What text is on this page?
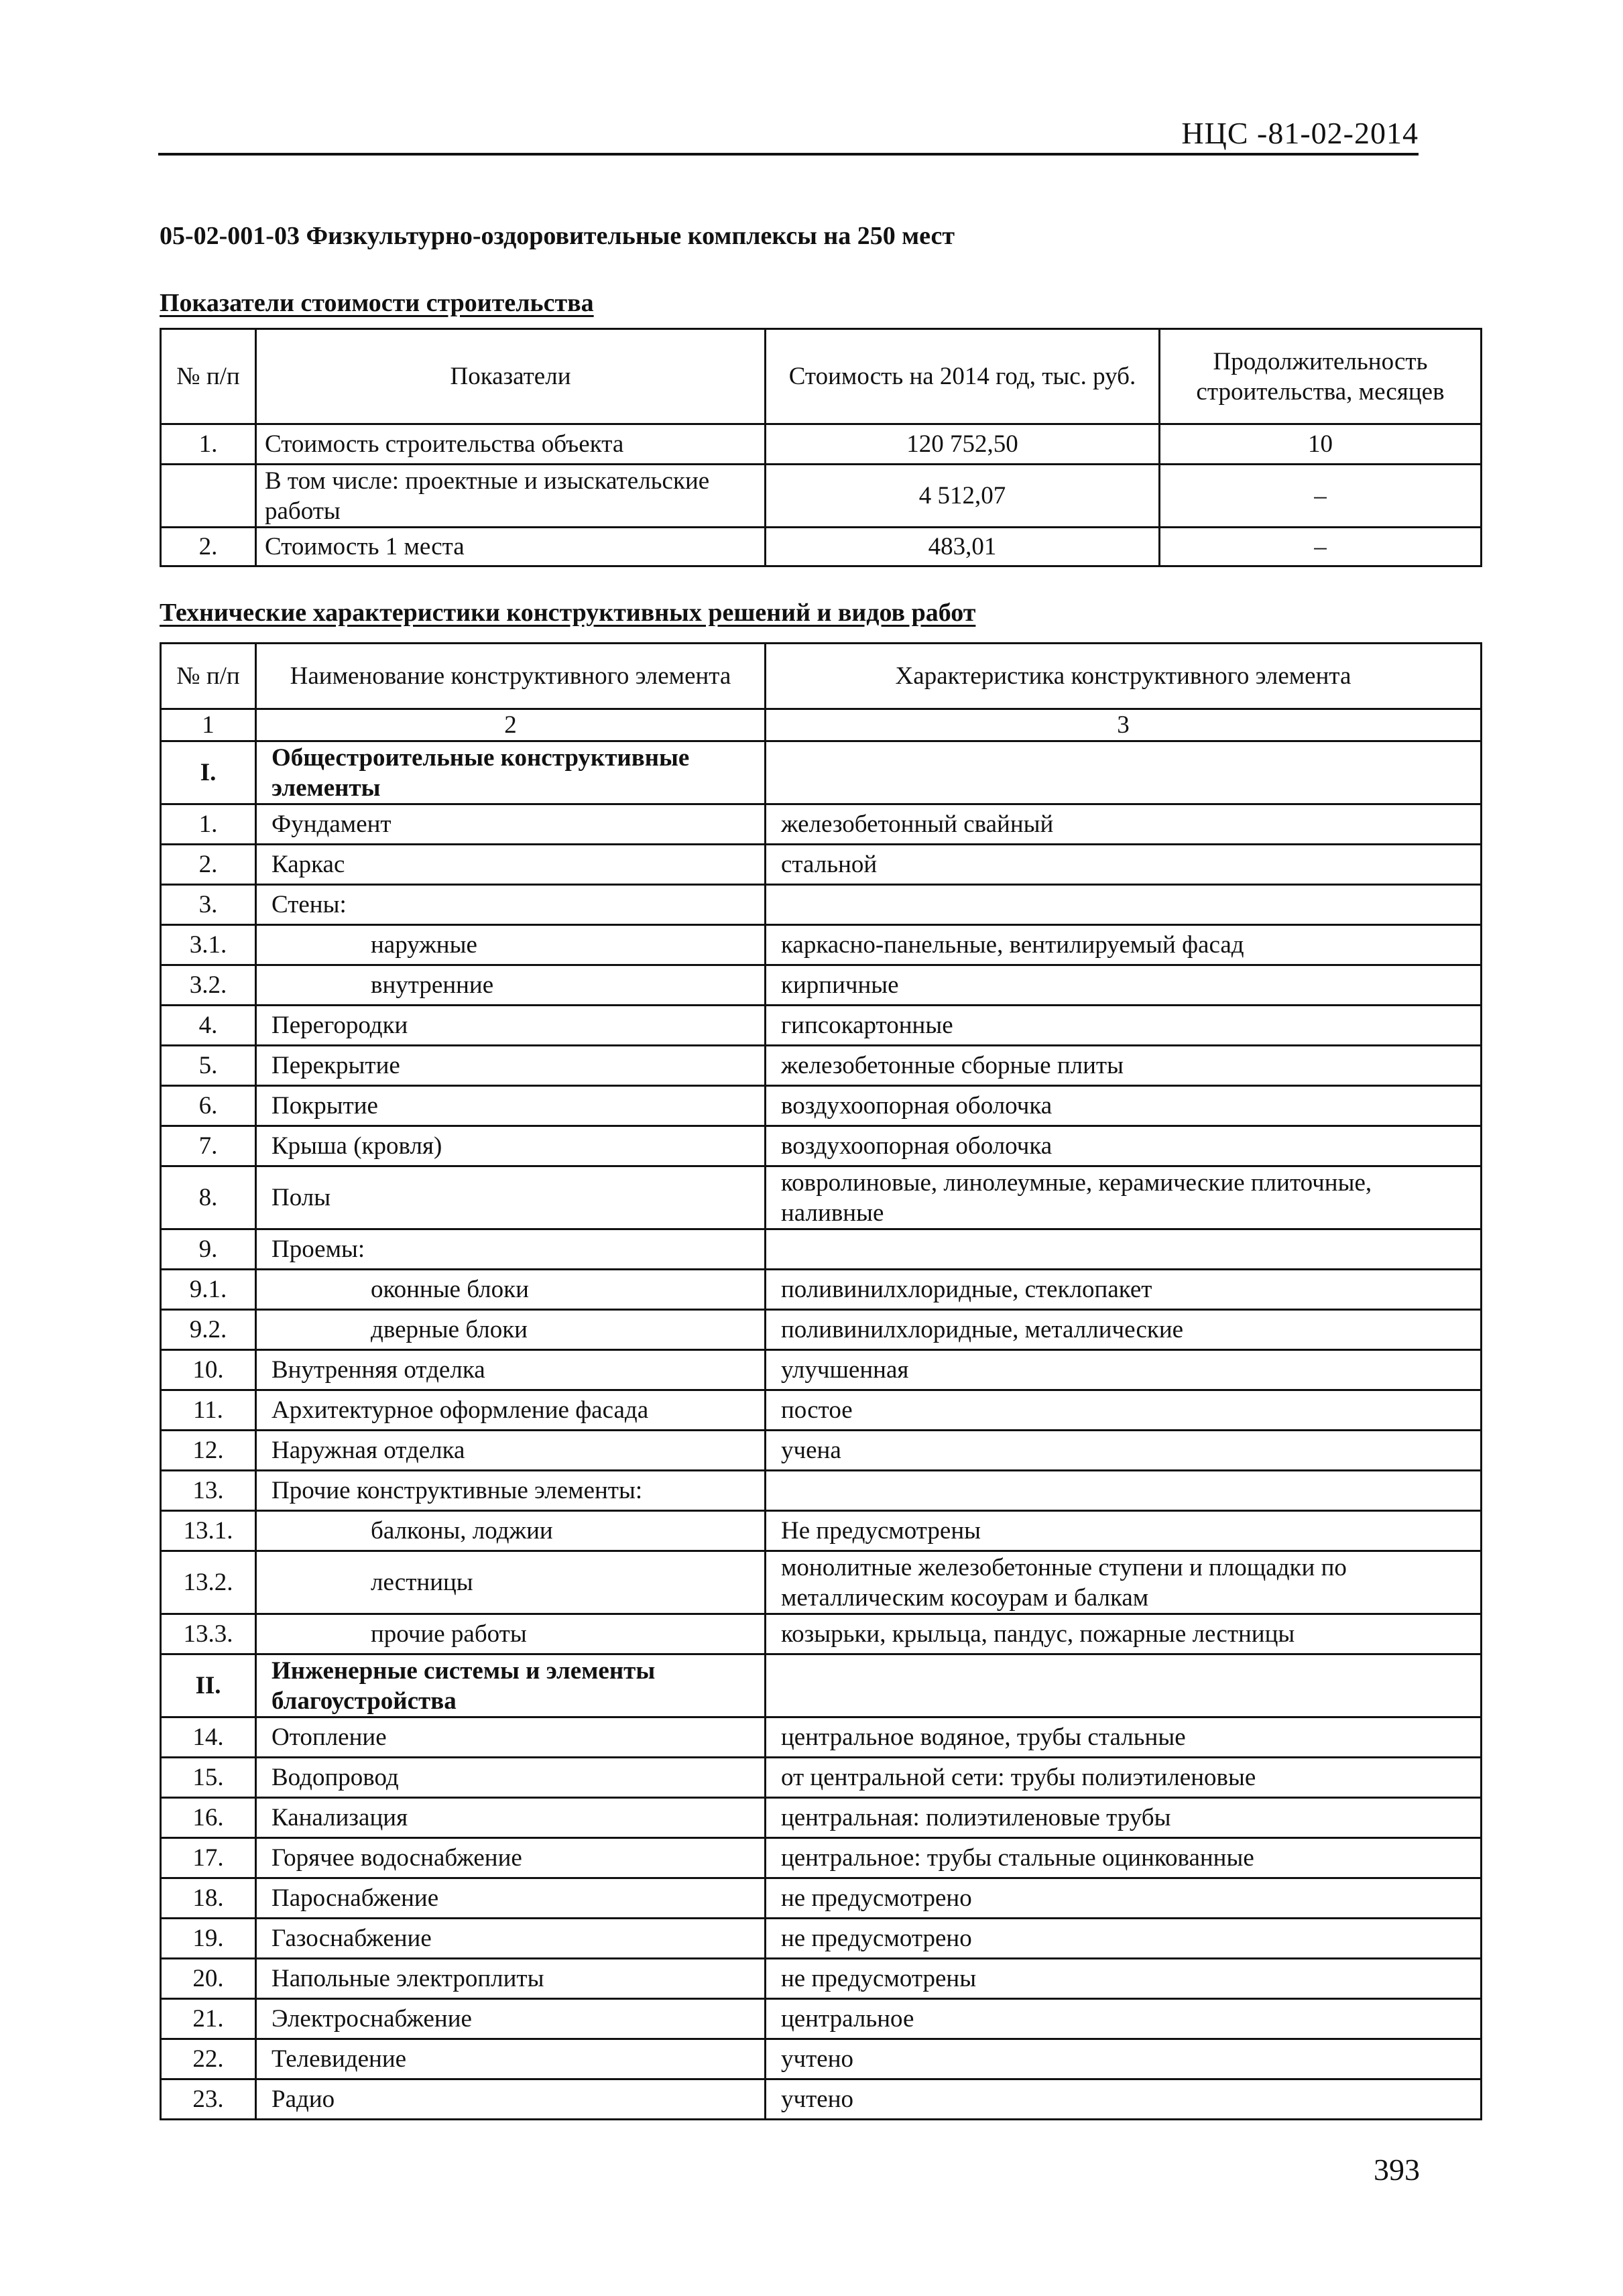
НЦС -81-02-2014
05-02-001-03 Физкультурно-оздоровительные комплексы на 250 мест
Показатели стоимости строительства
№ п/п	Показатели	Стоимость на 2014 год, тыс. руб.	Продолжительность строительства, месяцев
1.	Стоимость строительства объекта	120 752,50	10
	В том числе: проектные и изыскательские работы	4 512,07	–
2.	Стоимость 1 места	483,01	–
Технические характеристики конструктивных решений и видов работ
№ п/п	Наименование конструктивного элемента	Характеристика конструктивного элемента
1	2	3
I.	Общестроительные конструктивные элементы	
1.	Фундамент	железобетонный свайный
2.	Каркас	стальной
3.	Стены:	
3.1.	наружные	каркасно-панельные, вентилируемый фасад
3.2.	внутренние	кирпичные
4.	Перегородки	гипсокартонные
5.	Перекрытие	железобетонные сборные плиты
6.	Покрытие	воздухоопорная оболочка
7.	Крыша (кровля)	воздухоопорная оболочка
8.	Полы	ковролиновые, линолеумные, керамические плиточные, наливные
9.	Проемы:	
9.1.	оконные блоки	поливинилхлоридные, стеклопакет
9.2.	дверные блоки	поливинилхлоридные, металлические
10.	Внутренняя отделка	улучшенная
11.	Архитектурное оформление фасада	постое
12.	Наружная отделка	учена
13.	Прочие конструктивные элементы:	
13.1.	балконы, лоджии	Не предусмотрены
13.2.	лестницы	монолитные железобетонные ступени и площадки по металлическим косоурам и балкам
13.3.	прочие работы	козырьки, крыльца, пандус, пожарные лестницы
II.	Инженерные системы и элементы благоустройства	
14.	Отопление	центральное водяное, трубы стальные
15.	Водопровод	от центральной сети: трубы полиэтиленовые
16.	Канализация	центральная: полиэтиленовые трубы
17.	Горячее водоснабжение	центральное: трубы стальные оцинкованные
18.	Пароснабжение	не предусмотрено
19.	Газоснабжение	не предусмотрено
20.	Напольные электроплиты	не предусмотрены
21.	Электроснабжение	центральное
22.	Телевидение	учтено
23.	Радио	учтено
393
